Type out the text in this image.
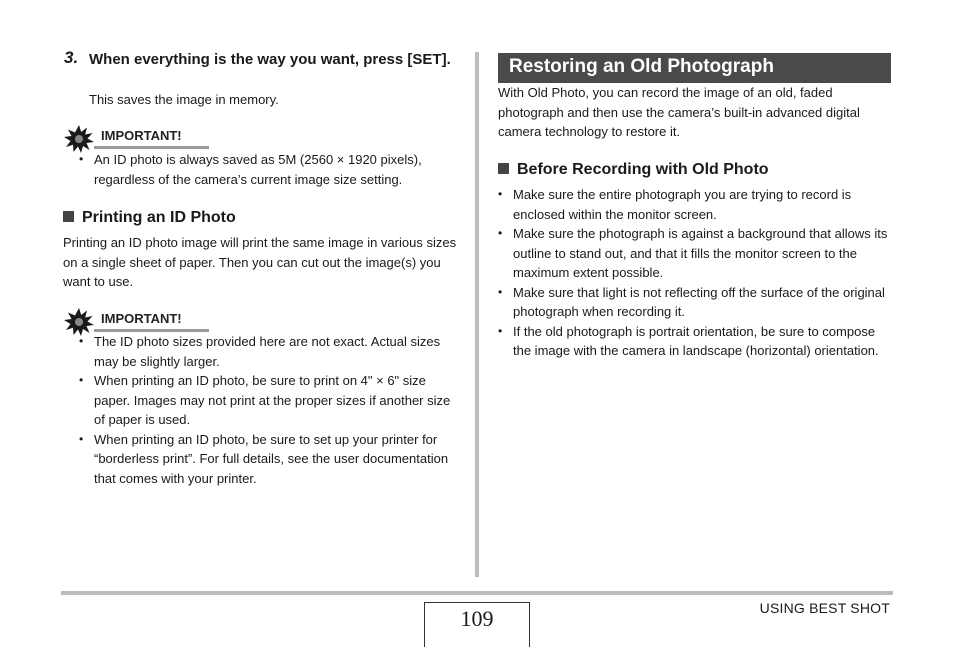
3. When everything is the way you want, press [SET].
This saves the image in memory.
IMPORTANT!
• An ID photo is always saved as 5M (2560 × 1920 pixels), regardless of the camera’s current image size setting.
Printing an ID Photo
Printing an ID photo image will print the same image in various sizes on a single sheet of paper. Then you can cut out the image(s) you want to use.
IMPORTANT!
• The ID photo sizes provided here are not exact. Actual sizes may be slightly larger.
• When printing an ID photo, be sure to print on 4" × 6" size paper. Images may not print at the proper sizes if another size of paper is used.
• When printing an ID photo, be sure to set up your printer for “borderless print”. For full details, see the user documentation that comes with your printer.
Restoring an Old Photograph
With Old Photo, you can record the image of an old, faded photograph and then use the camera’s built-in advanced digital camera technology to restore it.
Before Recording with Old Photo
• Make sure the entire photograph you are trying to record is enclosed within the monitor screen.
• Make sure the photograph is against a background that allows its outline to stand out, and that it fills the monitor screen to the maximum extent possible.
• Make sure that light is not reflecting off the surface of the original photograph when recording it.
• If the old photograph is portrait orientation, be sure to compose the image with the camera in landscape (horizontal) orientation.
109	USING BEST SHOT
